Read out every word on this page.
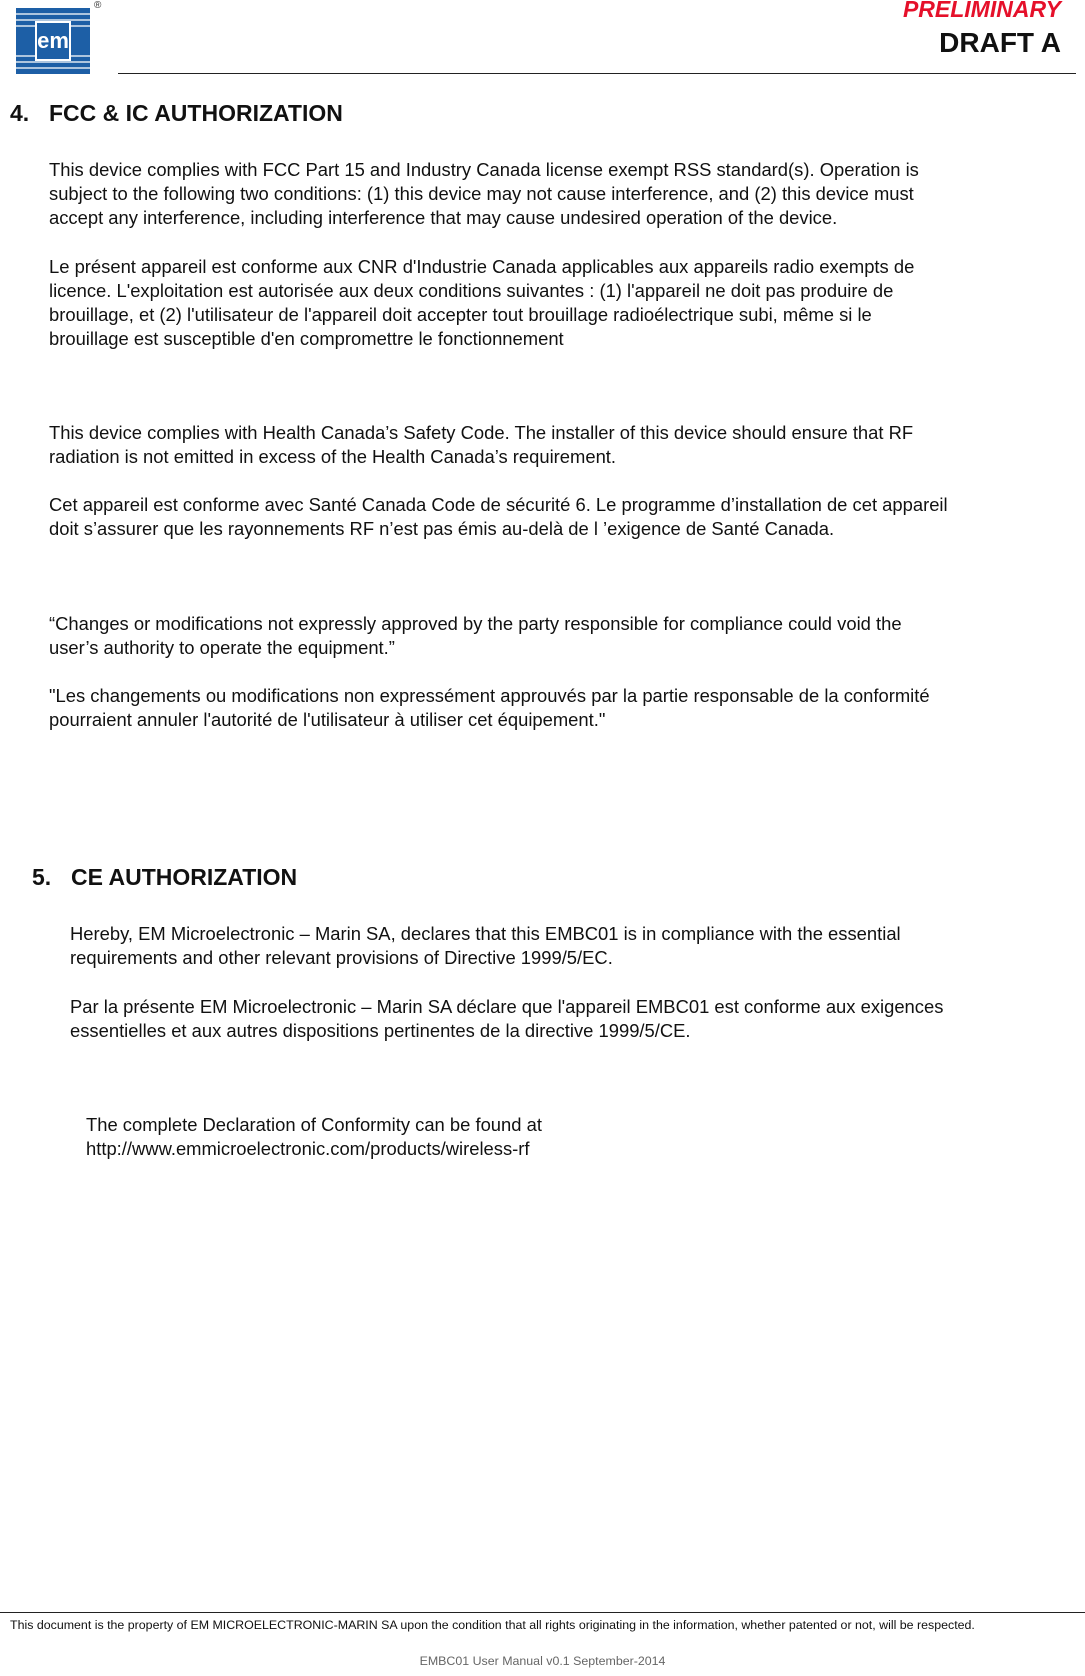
em
®	PRELIMINARY
DRAFT A
4. FCC & IC AUTHORIZATION

This device complies with FCC Part 15 and Industry Canada license exempt RSS standard(s). Operation is
subject to the following two conditions: (1) this device may not cause interference, and (2) this device must
accept any interference, including interference that may cause undesired operation of the device.

Le présent appareil est conforme aux CNR d'Industrie Canada applicables aux appareils radio exempts de
licence. L'exploitation est autorisée aux deux conditions suivantes : (1) l'appareil ne doit pas produire de
brouillage, et (2) l'utilisateur de l'appareil doit accepter tout brouillage radioélectrique subi, même si le
brouillage est susceptible d'en compromettre le fonctionnement

This device complies with Health Canada’s Safety Code. The installer of this device should ensure that RF
radiation is not emitted in excess of the Health Canada’s requirement.

Cet appareil est conforme avec Santé Canada Code de sécurité 6. Le programme d’installation de cet appareil
doit s’assurer que les rayonnements RF n’est pas émis au-delà de l ’exigence de Santé Canada.

“Changes or modifications not expressly approved by the party responsible for compliance could void the
user’s authority to operate the equipment.”

"Les changements ou modifications non expressément approuvés par la partie responsable de la conformité
pourraient annuler l'autorité de l'utilisateur à utiliser cet équipement."

5. CE AUTHORIZATION

Hereby, EM Microelectronic – Marin SA, declares that this EMBC01 is in compliance with the essential
requirements and other relevant provisions of Directive 1999/5/EC.

Par la présente EM Microelectronic – Marin SA déclare que l'appareil EMBC01 est conforme aux exigences
essentielles et aux autres dispositions pertinentes de la directive 1999/5/CE.

The complete Declaration of Conformity can be found at
http://www.emmicroelectronic.com/products/wireless-rf

This document is the property of EM MICROELECTRONIC-MARIN SA upon the condition that all rights originating in the information, whether patented or not, will be respected.

EMBC01 User Manual v0.1 September-2014
